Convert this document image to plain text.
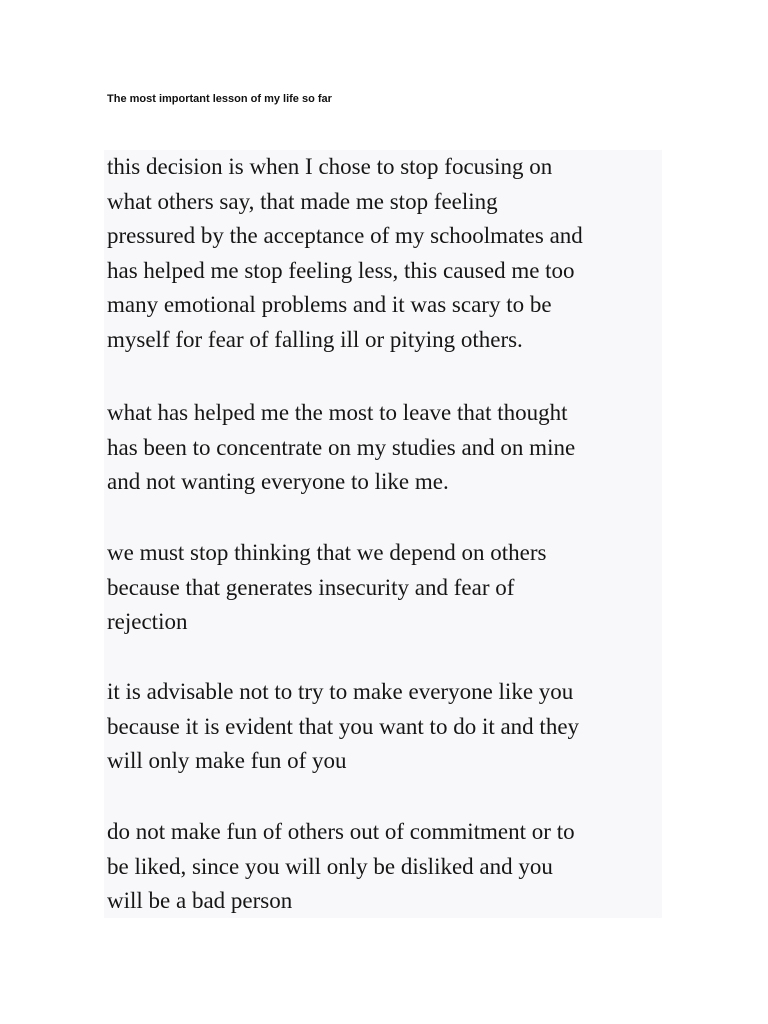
The most important lesson of my life so far

this decision is when I chose to stop focusing on
what others say, that made me stop feeling
pressured by the acceptance of my schoolmates and
has helped me stop feeling less, this caused me too
many emotional problems and it was scary to be
myself for fear of falling ill or pitying others.

what has helped me the most to leave that thought
has been to concentrate on my studies and on mine
and not wanting everyone to like me.

we must stop thinking that we depend on others
because that generates insecurity and fear of
rejection

it is advisable not to try to make everyone like you
because it is evident that you want to do it and they
will only make fun of you

do not make fun of others out of commitment or to
be liked, since you will only be disliked and you
will be a bad person
